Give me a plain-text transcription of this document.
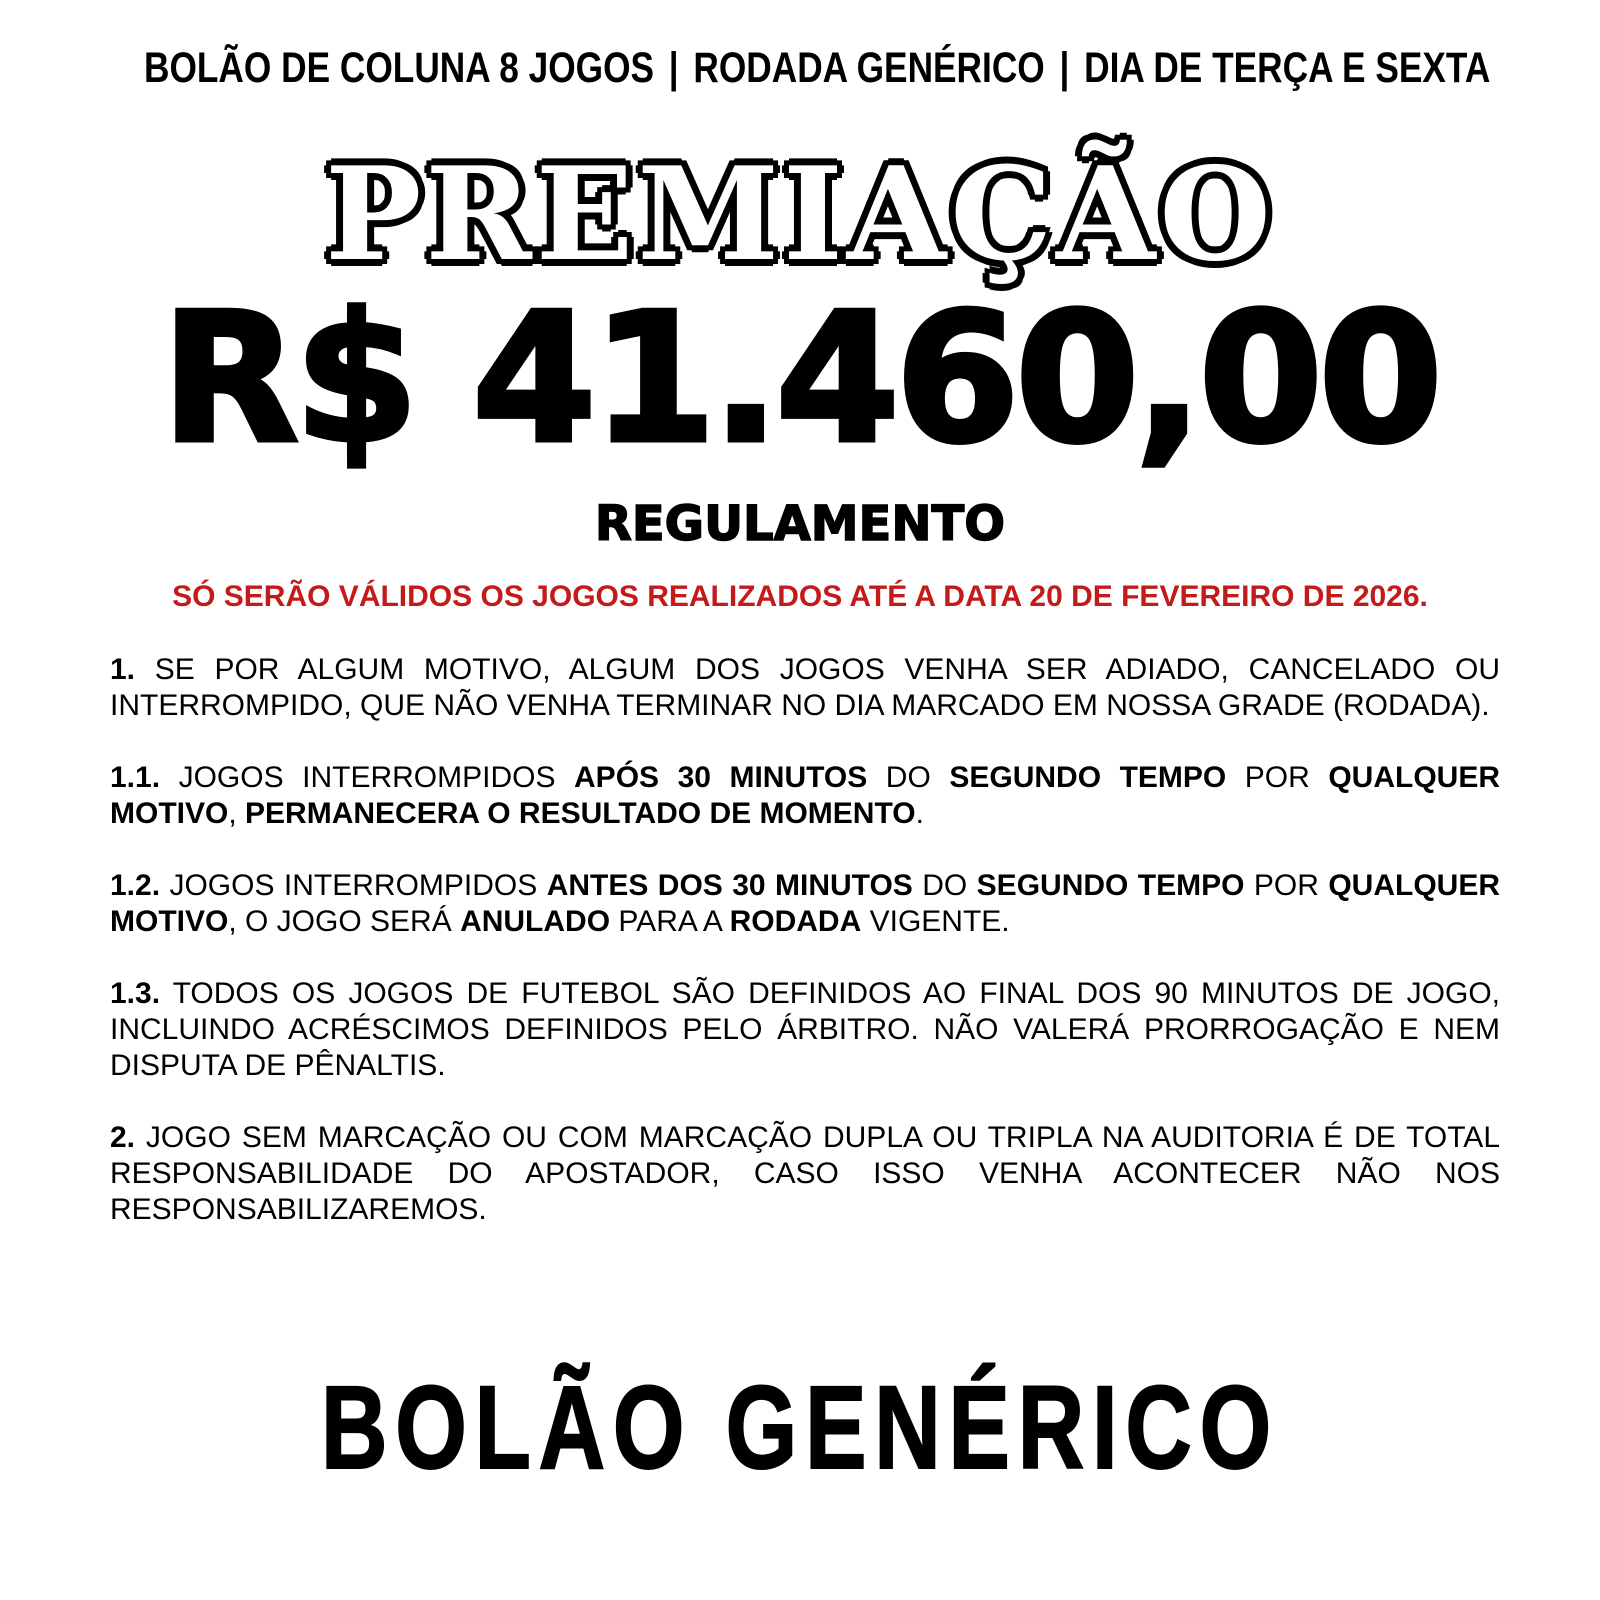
BOLÃO DE COLUNA 8 JOGOS | RODADA GENÉRICO | DIA DE TERÇA E SEXTA
PREMIAÇÃO
R$ 41.460,00
REGULAMENTO
SÓ SERÃO VÁLIDOS OS JOGOS REALIZADOS ATÉ A DATA 20 DE FEVEREIRO DE 2026.

1. SE POR ALGUM MOTIVO, ALGUM DOS JOGOS VENHA SER ADIADO, CANCELADO OU INTERROMPIDO, QUE NÃO VENHA TERMINAR NO DIA MARCADO EM NOSSA GRADE (RODADA).

1.1. JOGOS INTERROMPIDOS APÓS 30 MINUTOS DO SEGUNDO TEMPO POR QUALQUER MOTIVO, PERMANECERA O RESULTADO DE MOMENTO.

1.2. JOGOS INTERROMPIDOS ANTES DOS 30 MINUTOS DO SEGUNDO TEMPO POR QUALQUER MOTIVO, O JOGO SERÁ ANULADO PARA A RODADA VIGENTE.

1.3. TODOS OS JOGOS DE FUTEBOL SÃO DEFINIDOS AO FINAL DOS 90 MINUTOS DE JOGO, INCLUINDO ACRÉSCIMOS DEFINIDOS PELO ÁRBITRO. NÃO VALERÁ PRORROGAÇÃO E NEM DISPUTA DE PÊNALTIS.

2. JOGO SEM MARCAÇÃO OU COM MARCAÇÃO DUPLA OU TRIPLA NA AUDITORIA É DE TOTAL RESPONSABILIDADE DO APOSTADOR, CASO ISSO VENHA ACONTECER NÃO NOS RESPONSABILIZAREMOS.

BOLÃO GENÉRICO
